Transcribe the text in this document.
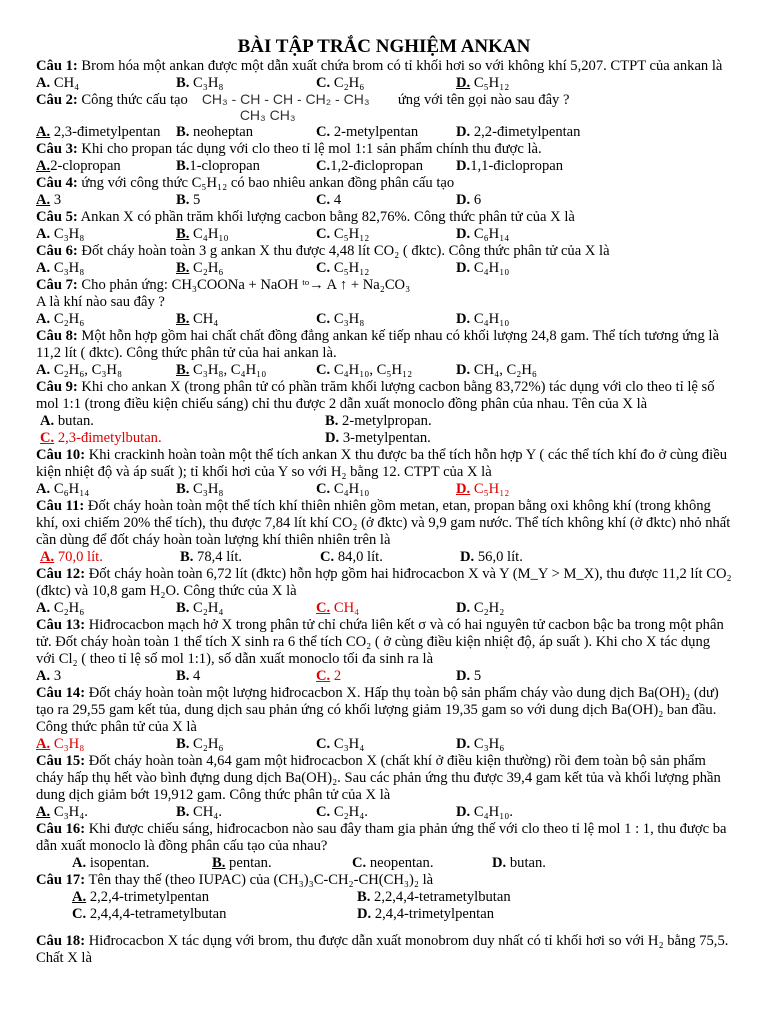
BÀI TẬP TRẮC NGHIỆM ANKAN

Câu 1: Brom hóa một ankan được một dẫn xuất chứa brom có tỉ khối hơi so với không khí 5,207. CTPT của ankan là

A. CH₄	B. C₃H₈	C. C₂H₆	D. C₅H₁₂

Câu 2: Công thức cấu tạo CH₃ - CH - CH - CH₂ - CH₃
CH₃ CH₃
ứng với tên gọi nào sau đây ?

A. 2,3-đimetylpentan	B. neoheptan	C. 2-metylpentan	D. 2,2-đimetylpentan

Câu 3: Khi cho propan tác dụng với clo theo tỉ lệ mol 1:1 sản phẩm chính thu được là.

A.2-clopropan	B.1-clopropan	C.1,2-điclopropan	D.1,1-điclopropan

Câu 4: ứng với công thức C₅H₁₂ có bao nhiêu ankan đồng phân cấu tạo

A. 3	B. 5	C. 4	D. 6

Câu 5: Ankan X có phần trăm khối lượng cacbon bằng 82,76%. Công thức phân tử của X là

A. C₃H₈	B. C₄H₁₀	C. C₅H₁₂	D. C₆H₁₄

Câu 6: Đốt cháy hoàn toàn 3 g ankan X thu được 4,48 lít CO₂ ( đktc). Công thức phân tử của X là

A. C₃H₈	B. C₂H₆	C. C₅H₁₂	D. C₄H₁₀

Câu 7: Cho phản ứng: CH₃COONa + NaOH ᵗᵒ→ A ↑ + Na₂CO₃

A là khí nào sau đây ?

A. C₂H₆	B. CH₄	C. C₃H₈	D. C₄H₁₀

Câu 8: Một hỗn hợp gồm hai chất chất đồng đẳng ankan kế tiếp nhau có khối lượng 24,8 gam. Thể tích tương ứng là 11,2 lít ( đktc). Công thức phân tử của hai ankan là.

A. C₂H₆, C₃H₈	B. C₃H₈, C₄H₁₀	C. C₄H₁₀, C₅H₁₂	D. CH₄, C₂H₆

Câu 9: Khi cho ankan X (trong phân tử có phần trăm khối lượng cacbon bằng 83,72%) tác dụng với clo theo tỉ lệ số mol 1:1 (trong điều kiện chiếu sáng) chỉ thu được 2 dẫn xuất monoclo đồng phân của nhau. Tên của X là

A. butan.	B. 2-metylpropan.
C. 2,3-đimetylbutan.	D. 3-metylpentan.

Câu 10: Khi crackinh hoàn toàn một thể tích ankan X thu được ba thể tích hỗn hợp Y ( các thể tích khí đo ở cùng điều kiện nhiệt độ và áp suất ); tỉ khối hơi của Y so với H₂ bằng 12. CTPT của X là

A. C₆H₁₄	B. C₃H₈	C. C₄H₁₀	D. C₅H₁₂

Câu 11: Đốt cháy hoàn toàn một thể tích khí thiên nhiên gồm metan, etan, propan bằng oxi không khí (trong không khí, oxi chiếm 20% thể tích), thu được 7,84 lít khí CO₂ (ở đktc) và 9,9 gam nước. Thể tích không khí (ở đktc) nhỏ nhất cần dùng để đốt cháy hoàn toàn lượng khí thiên nhiên trên là

A. 70,0 lít.	B. 78,4 lít.	C. 84,0 lít.	D. 56,0 lít.

Câu 12: Đốt cháy hoàn toàn 6,72 lít (đktc) hỗn hợp gồm hai hiđrocacbon X và Y (M_Y > M_X), thu được 11,2 lít CO₂ (đktc) và 10,8 gam H₂O. Công thức của X là

A. C₂H₆	B. C₂H₄	C. CH₄	D. C₂H₂

Câu 13: Hiđrocacbon mạch hở X trong phân tử chỉ chứa liên kết σ và có hai nguyên tử cacbon bậc ba trong một phân tử. Đốt cháy hoàn toàn 1 thể tích X sinh ra 6 thể tích CO₂ ( ở cùng điều kiện nhiệt độ, áp suất ). Khi cho X tác dụng với Cl₂ ( theo tỉ lệ số mol 1:1), số dẫn xuất monoclo tối đa sinh ra là

A. 3	B. 4	C. 2	D. 5

Câu 14: Đốt cháy hoàn toàn một lượng hiđrocacbon X. Hấp thụ toàn bộ sản phẩm cháy vào dung dịch Ba(OH)₂ (dư) tạo ra 29,55 gam kết tủa, dung dịch sau phản ứng có khối lượng giảm 19,35 gam so với dung dịch Ba(OH)₂ ban đầu. Công thức phân tử của X là

A. C₃H₈	B. C₂H₆	C. C₃H₄	D. C₃H₆

Câu 15: Đốt cháy hoàn toàn 4,64 gam một hiđrocacbon X (chất khí ở điều kiện thường) rồi đem toàn bộ sản phẩm cháy hấp thụ hết vào bình đựng dung dịch Ba(OH)₂. Sau các phản ứng thu được 39,4 gam kết tủa và khối lượng phần dung dịch giảm bớt 19,912 gam. Công thức phân tử của X là

A. C₃H₄.	B. CH₄.	C. C₂H₄.	D. C₄H₁₀.

Câu 16: Khi được chiếu sáng, hiđrocacbon nào sau đây tham gia phản ứng thế với clo theo tỉ lệ mol 1 : 1, thu được ba dẫn xuất monoclo là đồng phân cấu tạo của nhau?

A. isopentan.	B. pentan.	C. neopentan.	D. butan.

Câu 17: Tên thay thế (theo IUPAC) của (CH₃)₃C-CH₂-CH(CH₃)₂ là

A. 2,2,4-trimetylpentan	B. 2,2,4,4-tetrametylbutan
C. 2,4,4,4-tetrametylbutan	D. 2,4,4-trimetylpentan

Câu 18: Hiđrocacbon X tác dụng với brom, thu được dẫn xuất monobrom duy nhất có tỉ khối hơi so với H₂ bằng 75,5. Chất X là
